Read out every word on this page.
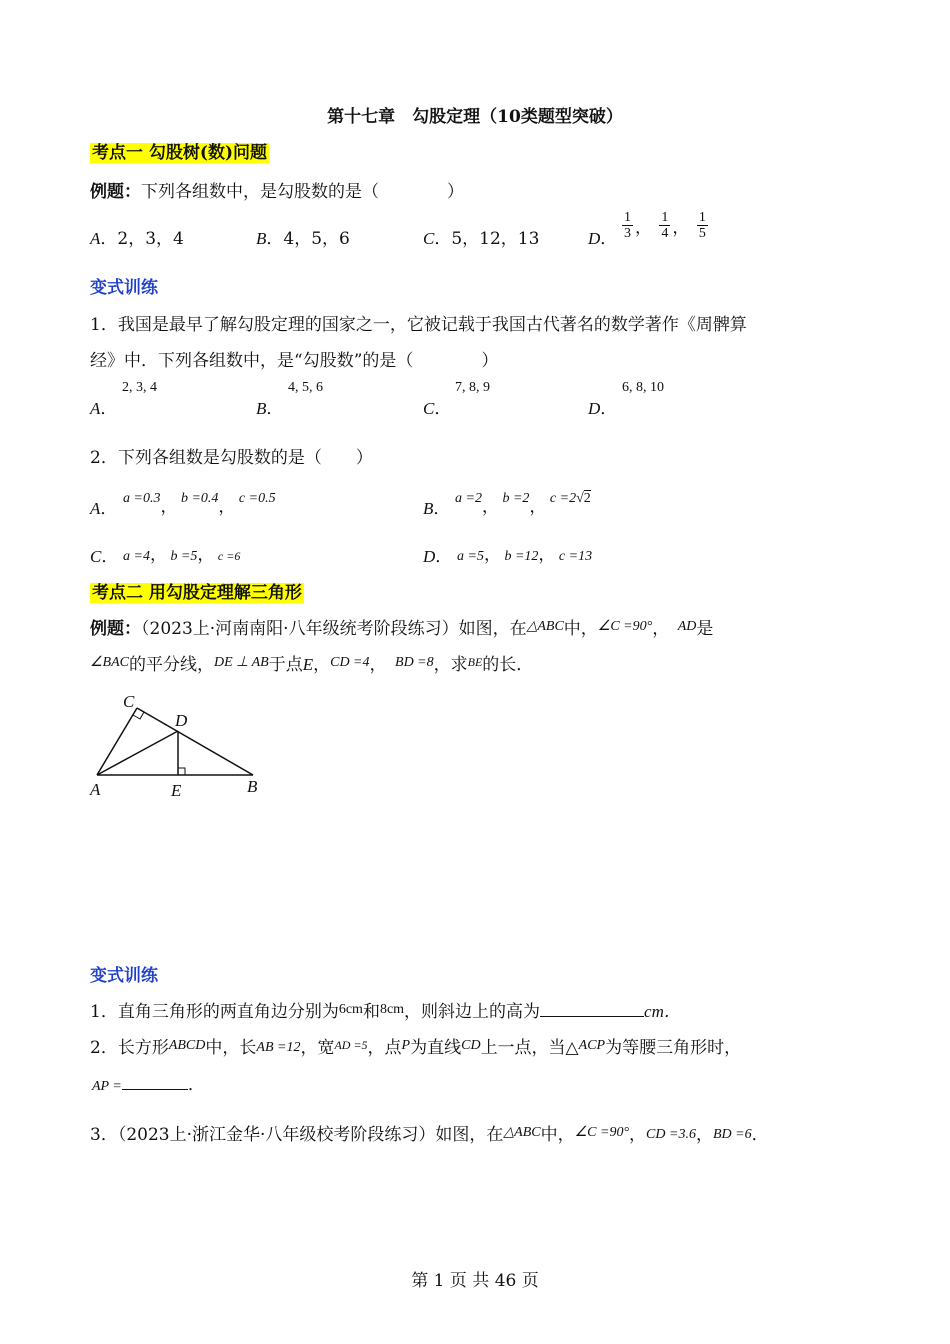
第十七章　勾股定理（10类题型突破）
考点一 勾股树(数)问题
例题：下列各组数中，是勾股数的是（　　　　）
A．2，3，4	B．4，5，6	C．5，12，13	D． $\frac{1}{3}$ ， $\frac{1}{4}$ ， $\frac{1}{5}$
变式训练
1．我国是最早了解勾股定理的国家之一，它被记载于我国古代著名的数学著作《周髀算
经》中．下列各组数中，是“勾股数”的是（　　　　）
A．
2, 3, 4
B．
4, 5, 6
C．
7, 8, 9
D．
6, 8, 10
2．下列各组数是勾股数的是（　　）
A．
a =0.3， b =0.4， c =0.5
B．
a =2， b =2， c =2√2
C． a =4， b =5， c =6	D． a =5， b =12， c =13
考点二 用勾股定理解三角形
例题：（2023上·河南南阳·八年级统考阶段练习）如图，在$^{\triangle ABC}$中，$^{\angle C =90^\circ}$，　$^{AD}$是
$^{\angle BAC}$的平分线，$^{DE \perp AB}$于点E，$^{CD =4}$，　$^{BD =8}$，求$^{BE}$的长．
C
D
A	E	B
变式训练
1．直角三角形的两直角边分别为$^{6cm}$和$^{8cm}$，则斜边上的高为	cm．
2．长方形$^{ABCD}$中，长AB =12，宽$^{AD =5}$，点$^P$为直线$^{CD}$上一点，当△$^{ACP}$为等腰三角形时，
AP =	．
3．（2023上·浙江金华·八年级校考阶段练习）如图，在$^{\triangle ABC}$中，$^{\angle C =90^\circ}$，CD =3.6，BD =6．
第 1 页 共 46 页
